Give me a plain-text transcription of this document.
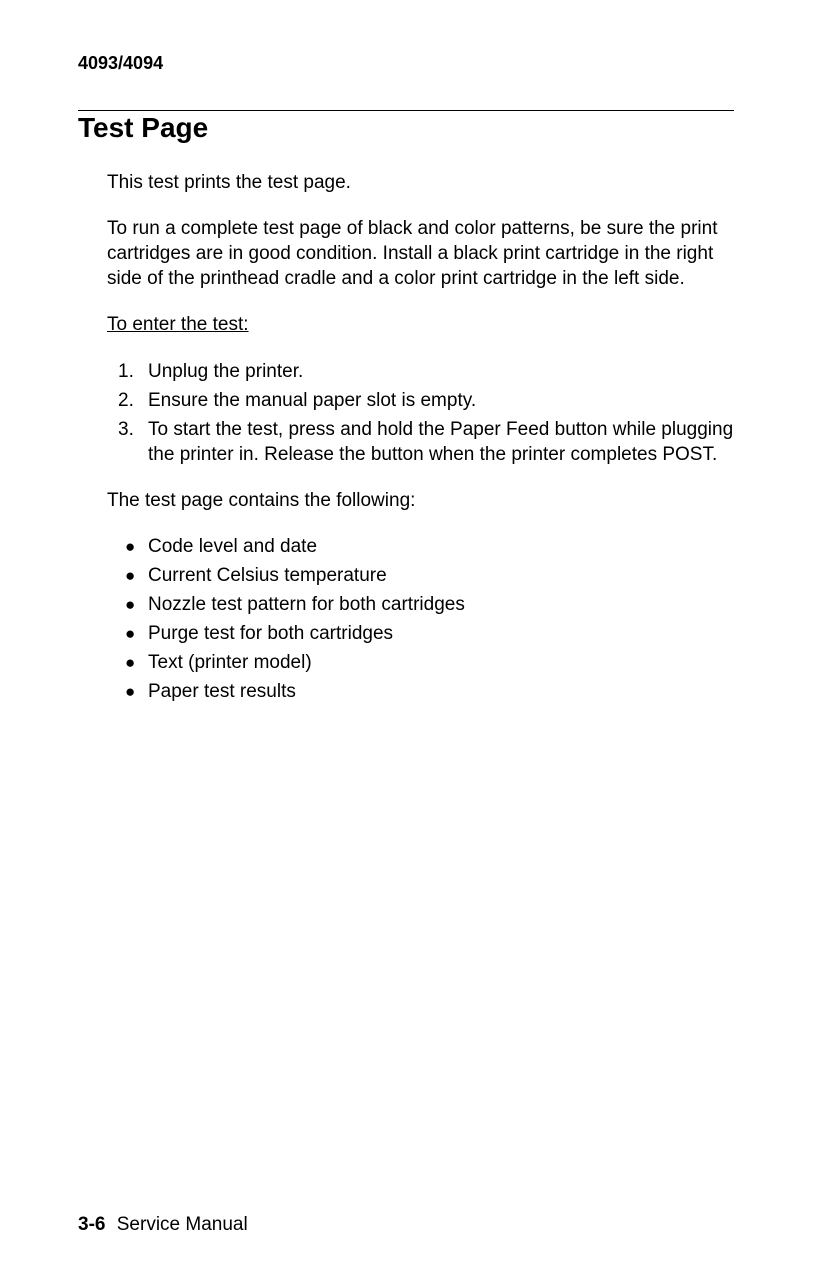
4093/4094
Test Page

This test prints the test page.

To run a complete test page of black and color patterns, be sure the print cartridges are in good condition. Install a black print cartridge in the right side of the printhead cradle and a color print cartridge in the left side.

To enter the test:

1. Unplug the printer.
2. Ensure the manual paper slot is empty.
3. To start the test, press and hold the Paper Feed button while plugging the printer in. Release the button when the printer completes POST.

The test page contains the following:

● Code level and date
● Current Celsius temperature
● Nozzle test pattern for both cartridges
● Purge test for both cartridges
● Text (printer model)
● Paper test results
3-6 Service Manual
